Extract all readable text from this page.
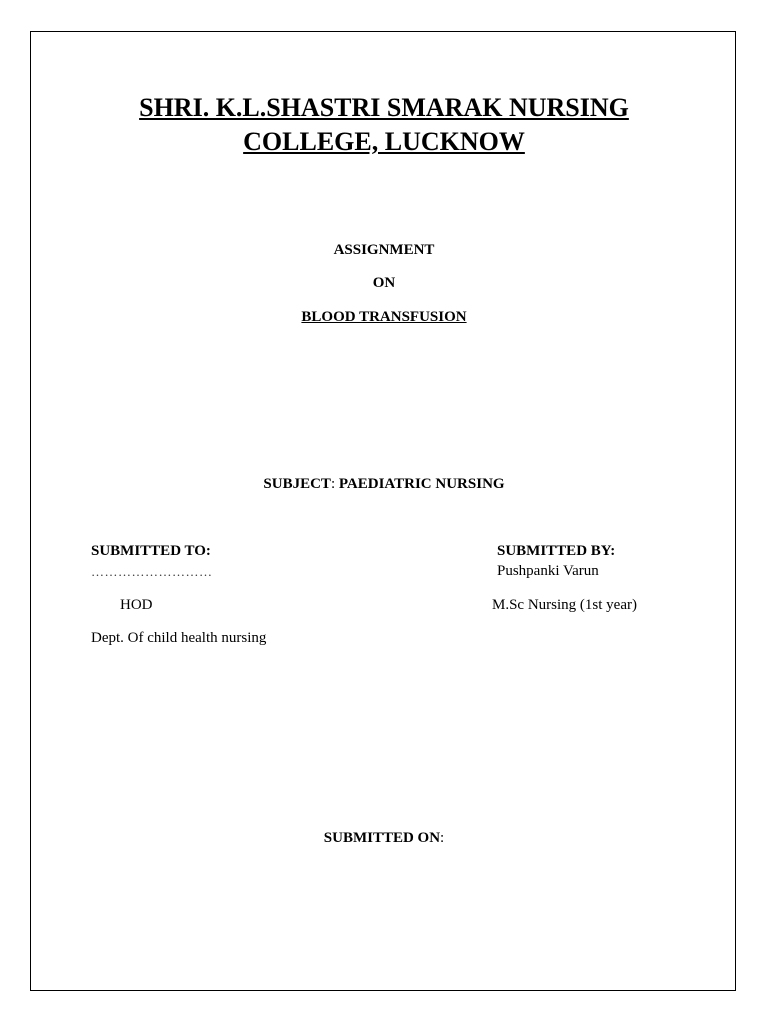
SHRI. K.L.SHASTRI SMARAK NURSING
COLLEGE, LUCKNOW
ASSIGNMENT
ON
BLOOD TRANSFUSION
SUBJECT: PAEDIATRIC NURSING
SUBMITTED TO:
………………………
HOD
Dept. Of child health nursing
SUBMITTED BY:
Pushpanki Varun
M.Sc Nursing (1st year)
SUBMITTED ON:
